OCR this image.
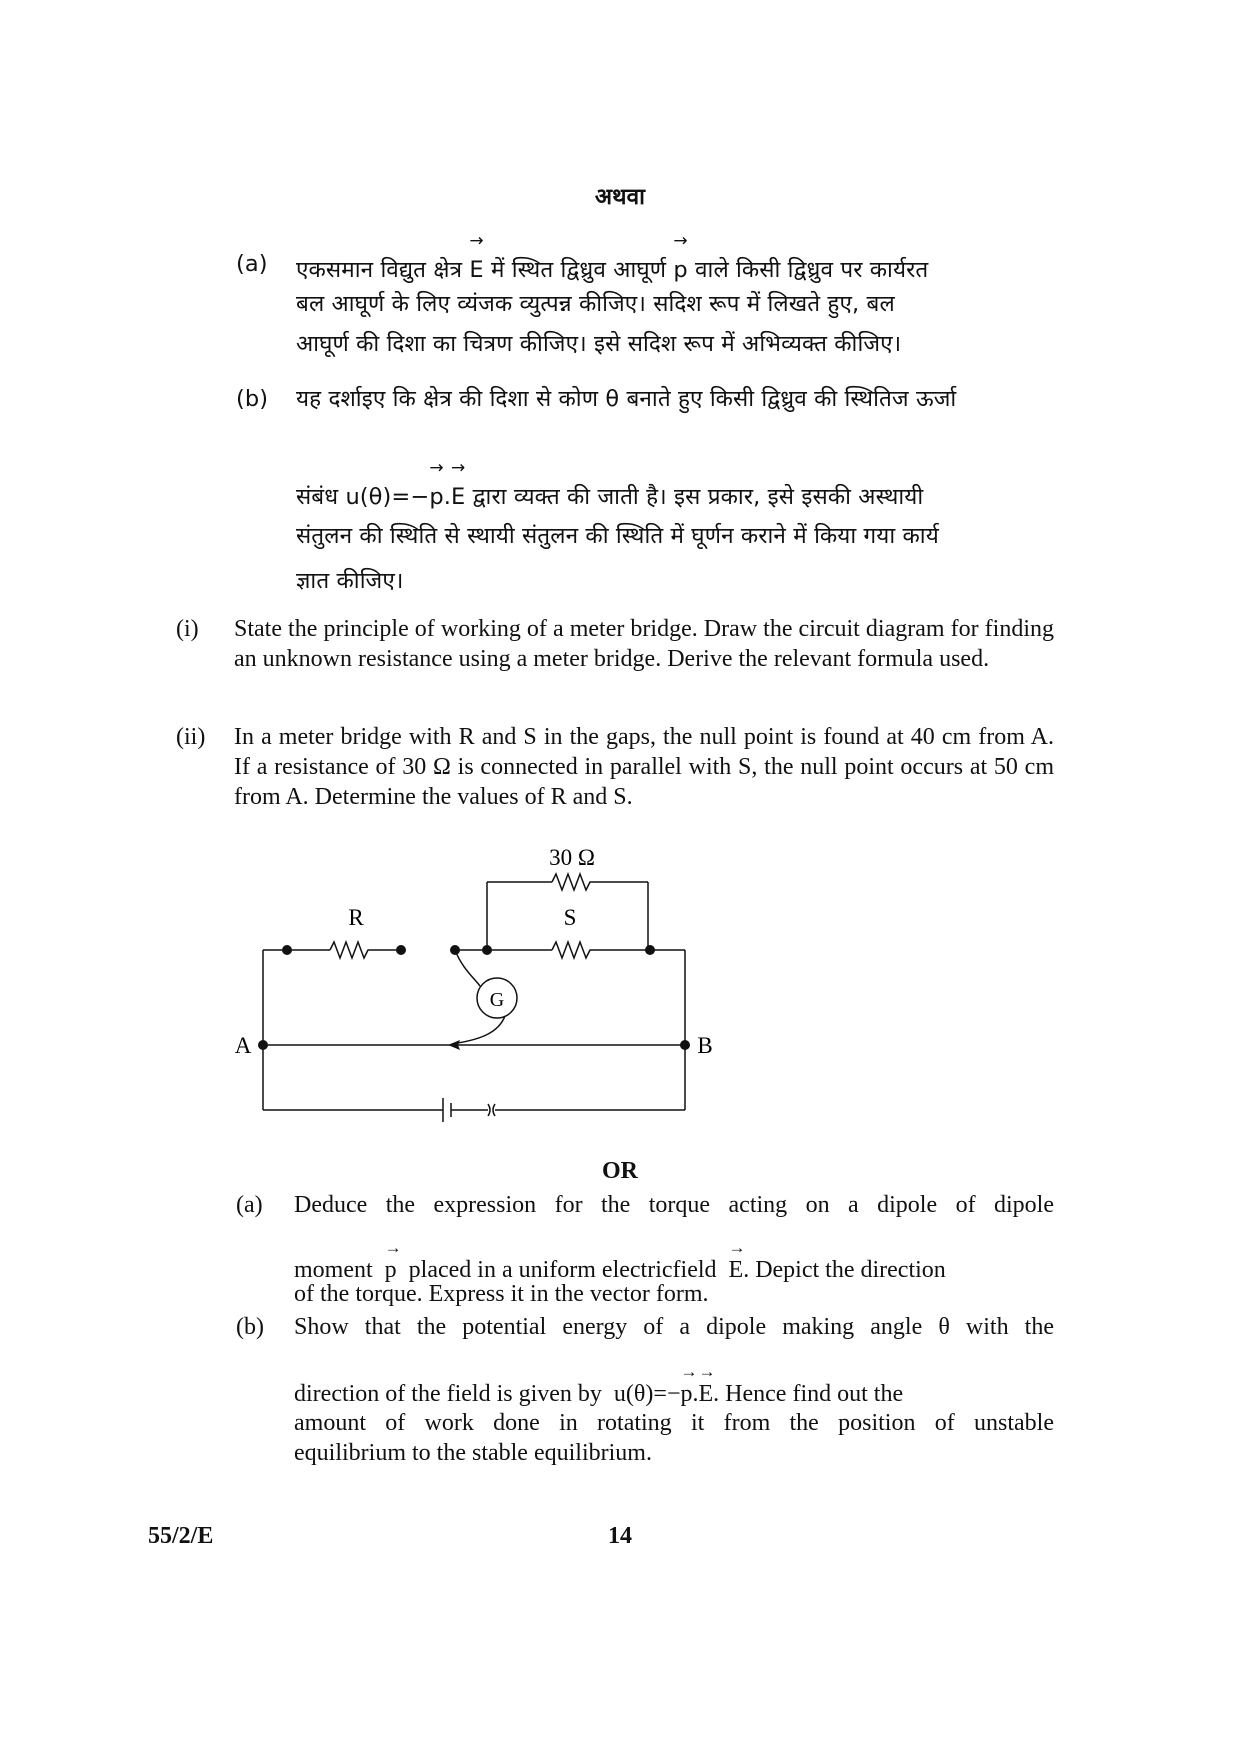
अथवा
(a) एकसमान विद्युत क्षेत्र → E में स्थित द्विध्रुव आघूर्ण → p वाले किसी द्विध्रुव पर कार्यरत
बल आघूर्ण के लिए व्यंजक व्युत्पन्न कीजिए। सदिश रूप में लिखते हुए, बल
आघूर्ण की दिशा का चित्रण कीजिए। इसे सदिश रूप में अभिव्यक्त कीजिए।
(b) यह दर्शाइए कि क्षेत्र की दिशा से कोण θ बनाते हुए किसी द्विध्रुव की स्थितिज ऊर्जा
संबंध u(θ)=−→ p.→ E द्वारा व्यक्त की जाती है। इस प्रकार, इसे इसकी अस्थायी
संतुलन की स्थिति से स्थायी संतुलन की स्थिति में घूर्णन कराने में किया गया कार्य
ज्ञात कीजिए।
(i) State the principle of working of a meter bridge. Draw the circuit diagram for finding an unknown resistance using a meter bridge. Derive the relevant formula used.
(ii) In a meter bridge with R and S in the gaps, the null point is found at 40 cm from A. If a resistance of 30 Ω is connected in parallel with S, the null point occurs at 50 cm from A. Determine the values of R and S.
30 Ω
R	S
G
A	B
OR
(a) Deduce the expression for the torque acting on a dipole of dipole
moment → p placed in a uniform electricfield → E. Depict the direction
of the torque. Express it in the vector form.
(b) Show that the potential energy of a dipole making angle θ with the
direction of the field is given by u(θ)=−→ p.→ E. Hence find out the
amount of work done in rotating it from the position of unstable
equilibrium to the stable equilibrium.
55/2/E	14
